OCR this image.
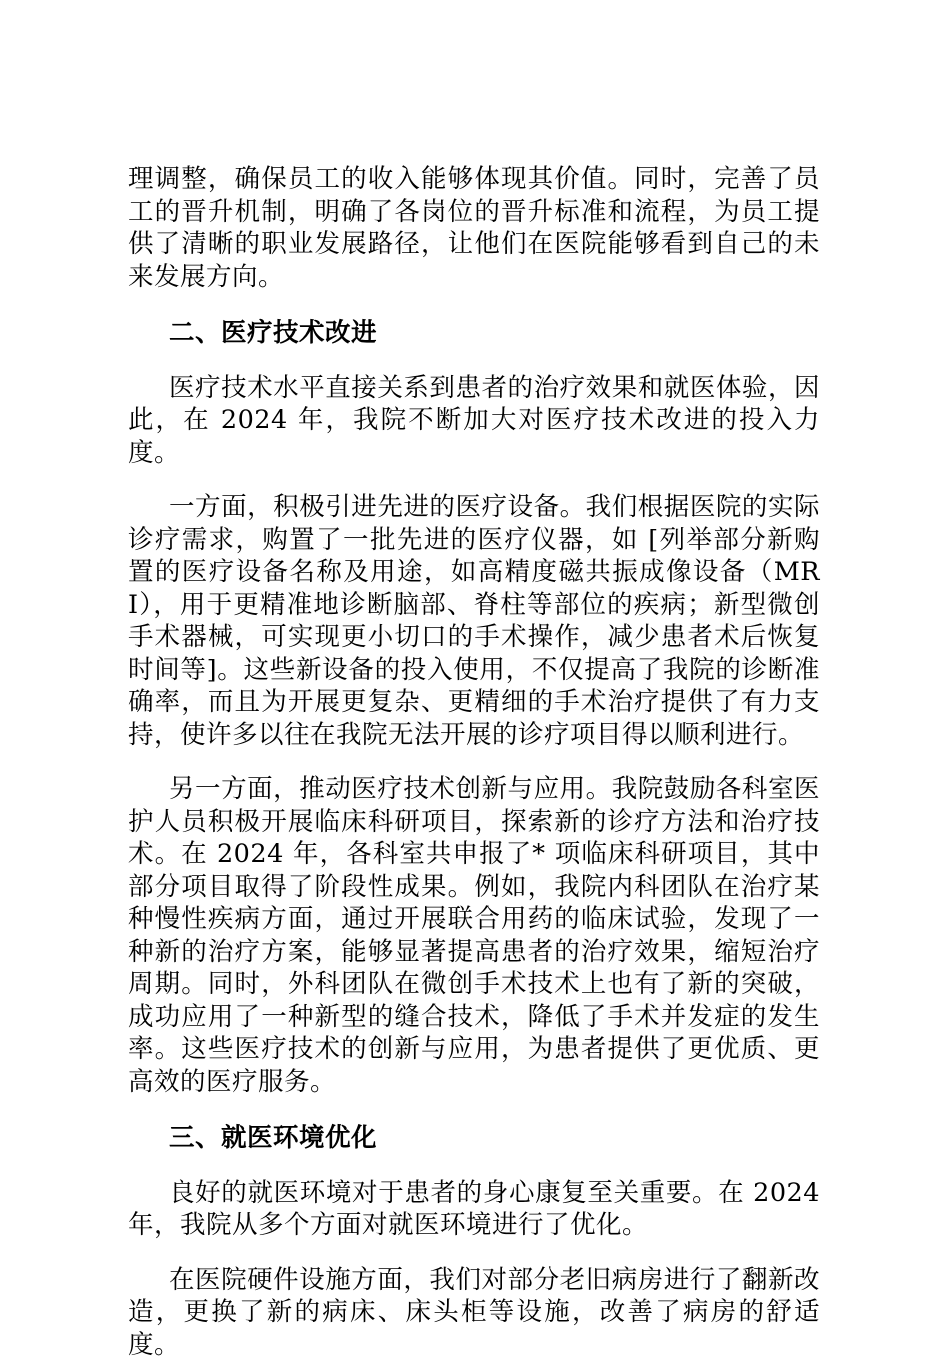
理调整，确保员工的收入能够体现其价值。同时，完善了员工的晋升机制，明确了各岗位的晋升标准和流程，为员工提供了清晰的职业发展路径，让他们在医院能够看到自己的未来发展方向。

二、医疗技术改进

医疗技术水平直接关系到患者的治疗效果和就医体验，因此，在 2024 年，我院不断加大对医疗技术改进的投入力度。

一方面，积极引进先进的医疗设备。我们根据医院的实际诊疗需求，购置了一批先进的医疗仪器，如 [列举部分新购置的医疗设备名称及用途，如高精度磁共振成像设备（MRI），用于更精准地诊断脑部、脊柱等部位的疾病；新型微创手术器械，可实现更小切口的手术操作，减少患者术后恢复时间等]。这些新设备的投入使用，不仅提高了我院的诊断准确率，而且为开展更复杂、更精细的手术治疗提供了有力支持，使许多以往在我院无法开展的诊疗项目得以顺利进行。

另一方面，推动医疗技术创新与应用。我院鼓励各科室医护人员积极开展临床科研项目，探索新的诊疗方法和治疗技术。在 2024 年，各科室共申报了* 项临床科研项目，其中部分项目取得了阶段性成果。例如，我院内科团队在治疗某种慢性疾病方面，通过开展联合用药的临床试验，发现了一种新的治疗方案，能够显著提高患者的治疗效果，缩短治疗周期。同时，外科团队在微创手术技术上也有了新的突破，成功应用了一种新型的缝合技术，降低了手术并发症的发生率。这些医疗技术的创新与应用，为患者提供了更优质、更高效的医疗服务。

三、就医环境优化

良好的就医环境对于患者的身心康复至关重要。在 2024 年，我院从多个方面对就医环境进行了优化。

在医院硬件设施方面，我们对部分老旧病房进行了翻新改造，更换了新的病床、床头柜等设施，改善了病房的舒适度。
